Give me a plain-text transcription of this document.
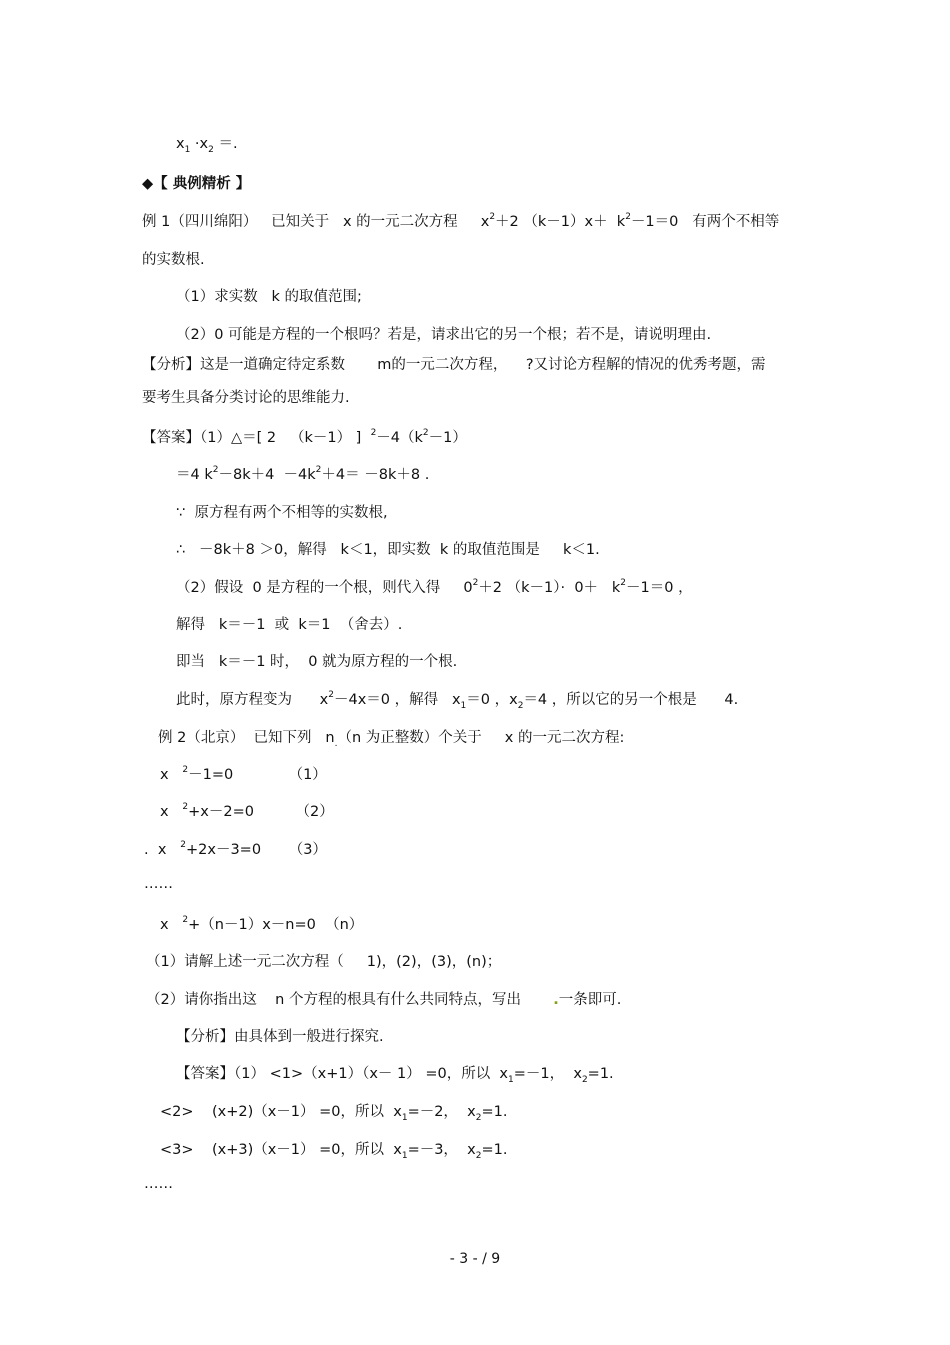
$x_1 \cdot x_2$ ＝.
◆【 典例精析 】
例 1（四川绵阳）   已知关于   x 的一元二次方程     $x^2+2$ $(k-1)x+ k^2-1=0$   有两个不相等
的实数根.
（1）求实数   k 的取值范围;
（2）0 可能是方程的一个根吗？若是，请求出它的另一个根；若不是，请说明理由.
【分析】这是一道确定待定系数       m的一元二次方程，    ?又讨论方程解的情况的优秀考题，需
要考生具备分类讨论的思维能力.
【答案】（1）△＝[ 2   （k－1） ]  $^2-4(k^2-1)$
＝4 $k^2-8k+4 -4k^2+4= -8k+8$ .
∵  原方程有两个不相等的实数根,
∴   －8k＋8 ＞0，解得   k＜1，即实数  k 的取值范围是     k＜1.
（2）假设  0 是方程的一个根，则代入得     $0^2+2$ $(k-1)\cdot 0+ k^2-1=0$ ，
解得   k＝－1  或  k＝1  （舍去）.
即当   k＝－1 时，  0 就为原方程的一个根.
此时，原方程变为      $x^2-4x=0$ ，解得   $x_1=0$ ，$x_2=4$ ，所以它的另一个根是      4.
例 2（北京）  已知下列   $n_.(n$ 为正整数）个关于     x 的一元二次方程:
x   $^2$－1=0            （1）
x   $^2$+x－2=0         （2）
.  x   $^2$+2x－3=0      （3）
……
x   $^2$+（n－1）x－n=0  （n）
（1）请解上述一元二次方程（     1)，(2)，(3)，(n)；
（2）请你指出这    n 个方程的根具有什么共同特点，写出       .一条即可.
【分析】由具体到一般进行探究.
【答案】（1） <1>（x+1）（x－ 1） =0，所以  $x_1=-1$，  $x_2=1$.
<2>    (x+2)（x－1） =0，所以  $x_1=-2$，  $x_2=1$.
<3>    (x+3)（x－1） =0，所以  $x_1=-3$，  $x_2=1$.
……
- 3 - / 9
